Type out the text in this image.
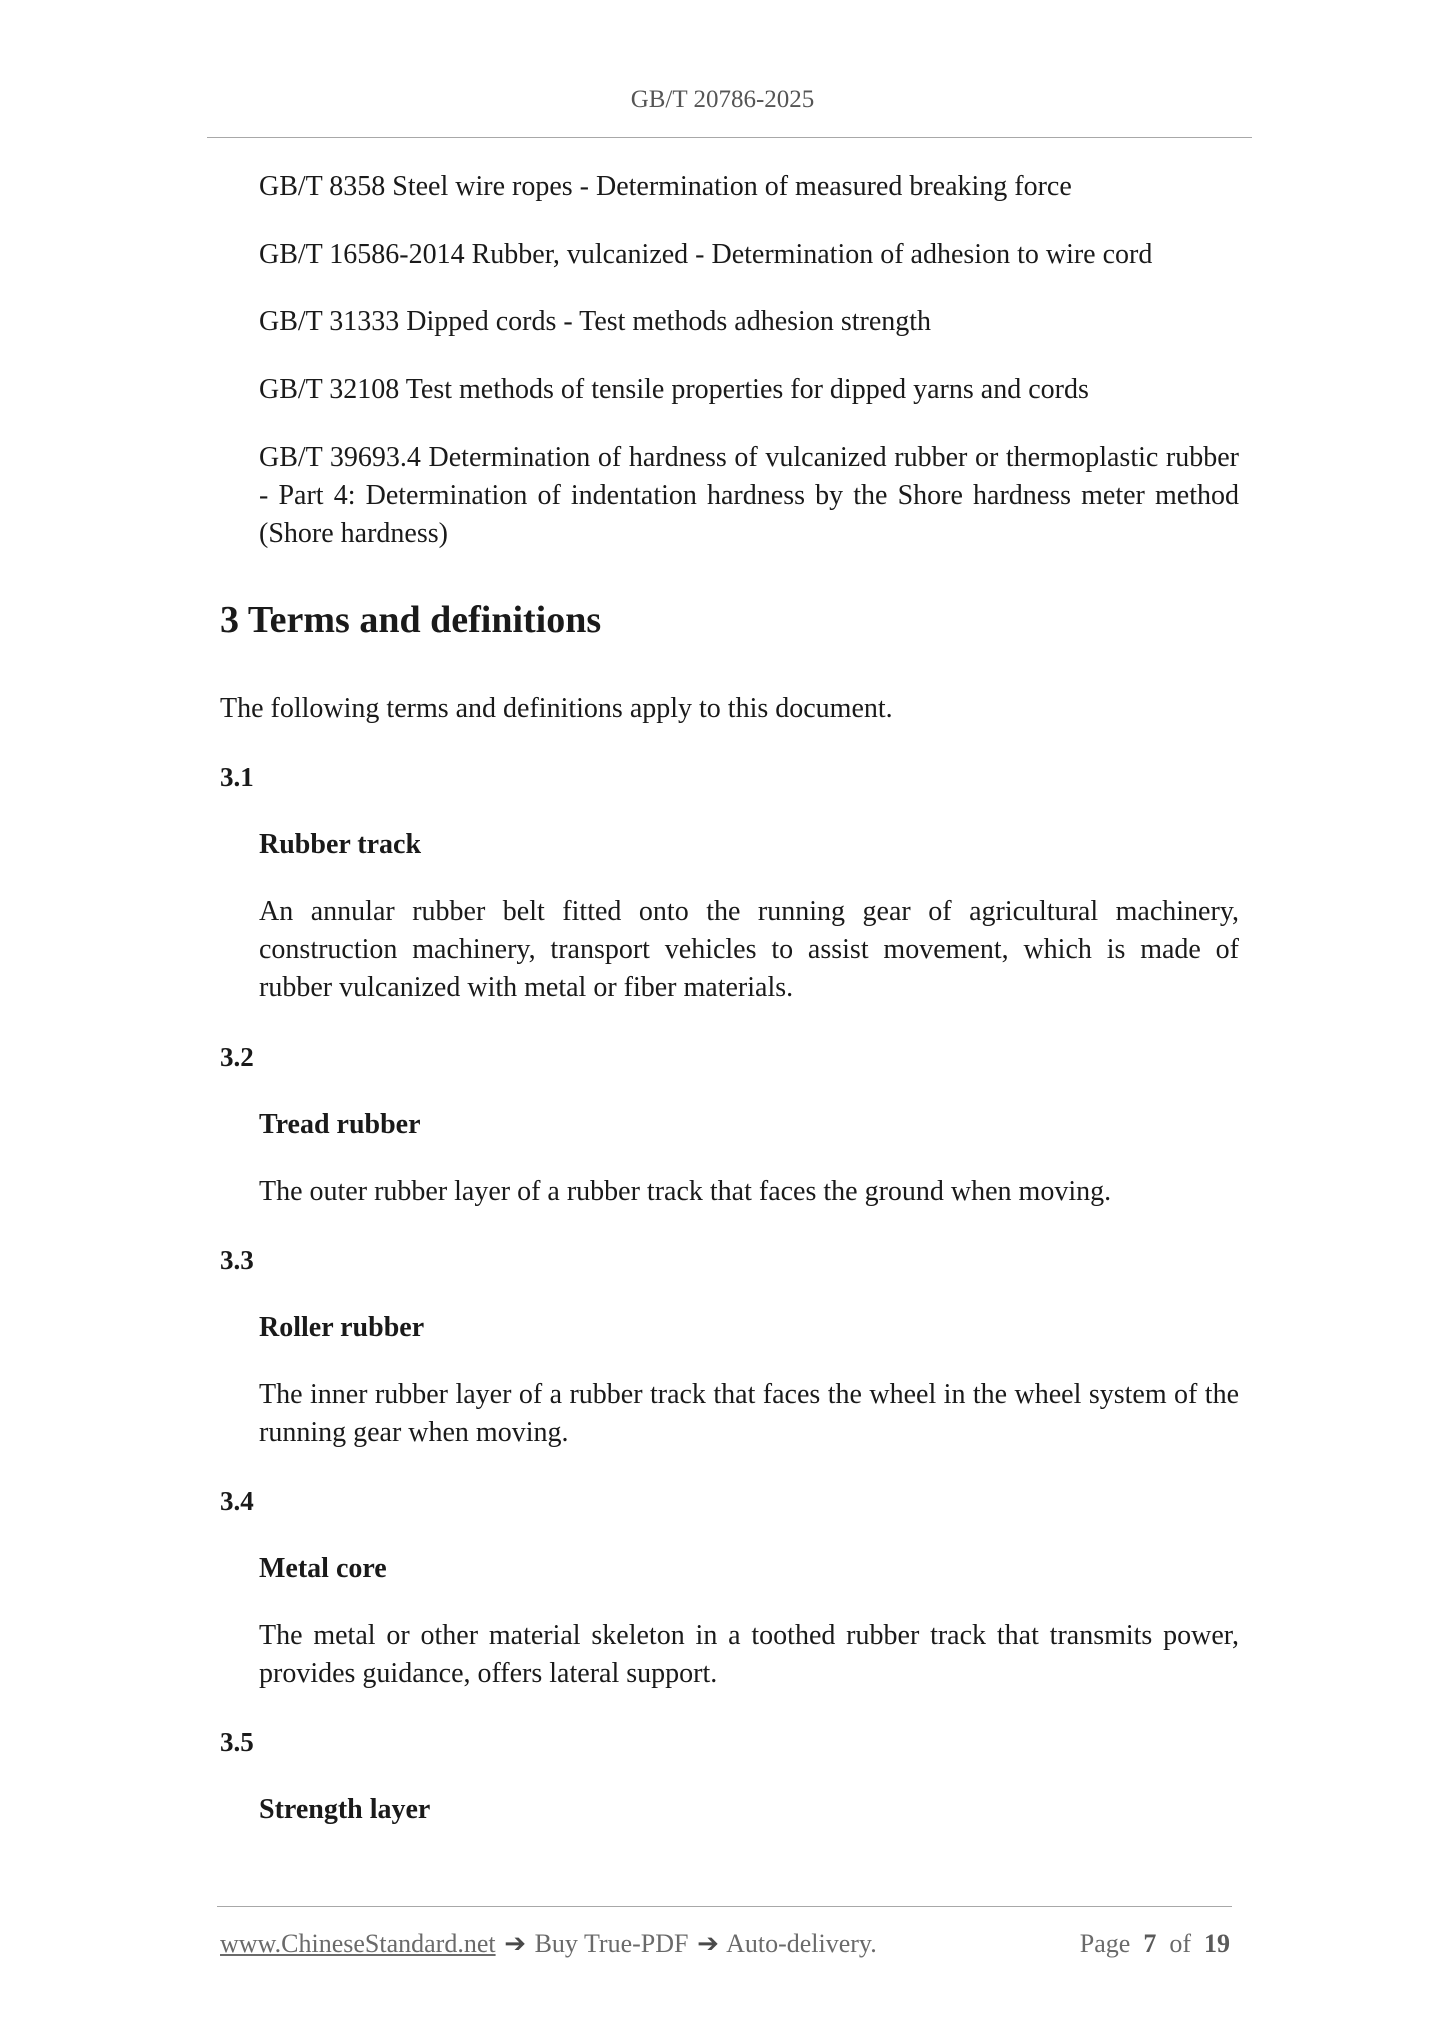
GB/T 20786-2025
GB/T 8358 Steel wire ropes - Determination of measured breaking force
GB/T 16586-2014 Rubber, vulcanized - Determination of adhesion to wire cord
GB/T 31333 Dipped cords - Test methods adhesion strength
GB/T 32108 Test methods of tensile properties for dipped yarns and cords
GB/T 39693.4 Determination of hardness of vulcanized rubber or thermoplastic rubber - Part 4: Determination of indentation hardness by the Shore hardness meter method (Shore hardness)
3 Terms and definitions
The following terms and definitions apply to this document.
3.1
Rubber track
An annular rubber belt fitted onto the running gear of agricultural machinery, construction machinery, transport vehicles to assist movement, which is made of rubber vulcanized with metal or fiber materials.
3.2
Tread rubber
The outer rubber layer of a rubber track that faces the ground when moving.
3.3
Roller rubber
The inner rubber layer of a rubber track that faces the wheel in the wheel system of the running gear when moving.
3.4
Metal core
The metal or other material skeleton in a toothed rubber track that transmits power, provides guidance, offers lateral support.
3.5
Strength layer
www.ChineseStandard.net ➔ Buy True-PDF ➔ Auto-delivery.	Page 7 of 19
